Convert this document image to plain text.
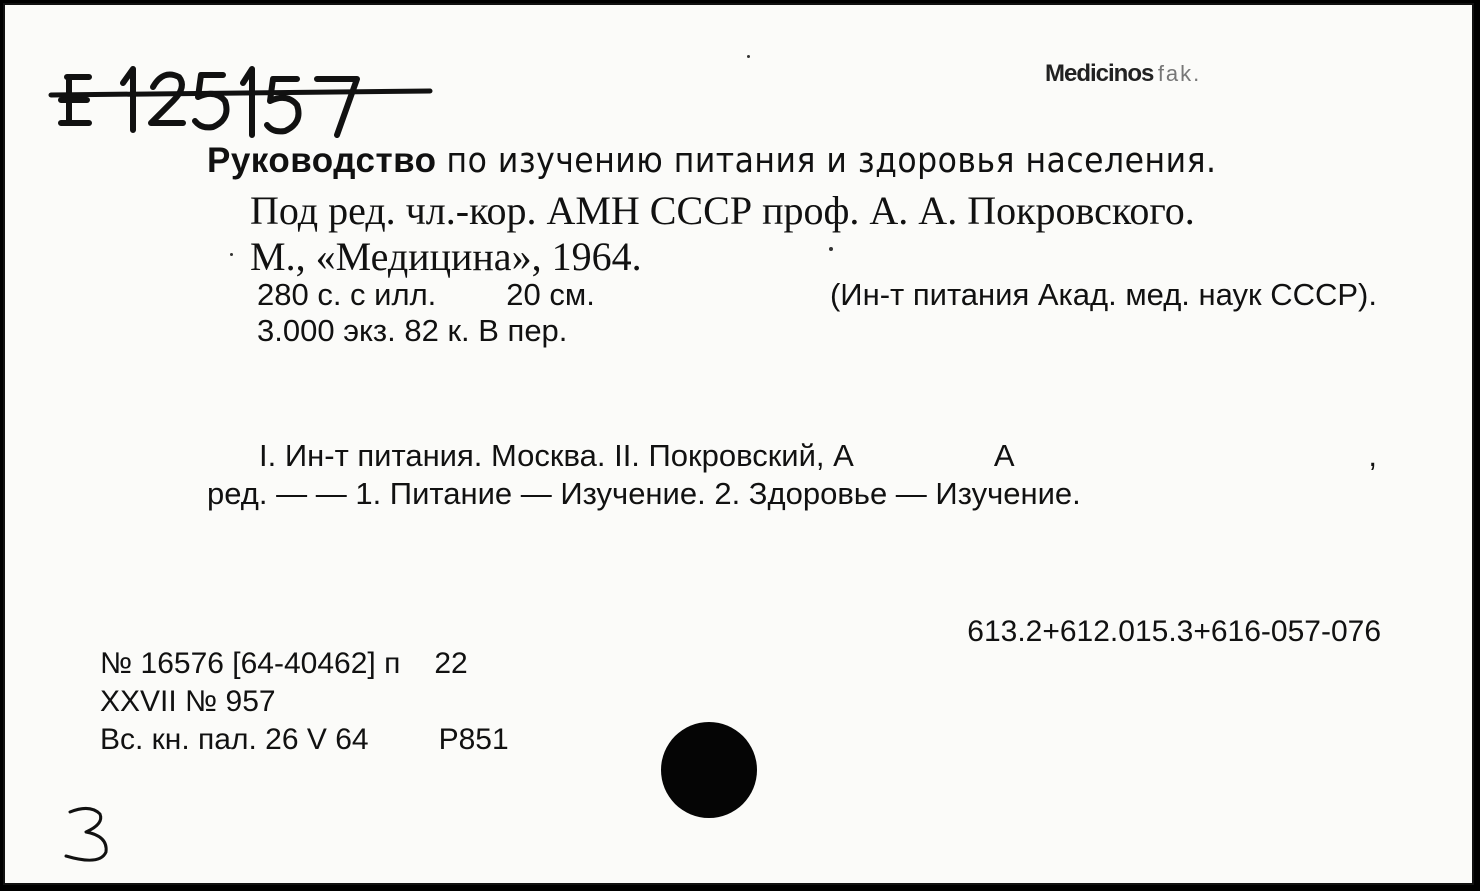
Medicinos fak.
Руководство по изучению питания и здоровья населения.
Под ред. чл.-кор. АМН СССР проф. А. А. Покровского.
М., «Медицина», 1964.
280 с. с илл. 20 см.	(Ин-т питания Акад. мед. наук СССР).
3.000 экз. 82 к. В пер.
I. Ин-т питания. Москва. II. Покровский, А	А	,
ред. — — 1. Питание — Изучение. 2. Здоровье — Изучение.
613.2+612.015.3+616-057-076
№ 16576 [64-40462] п 22
XXVII № 957
Вс. кн. пал. 26 V 64 Р851
